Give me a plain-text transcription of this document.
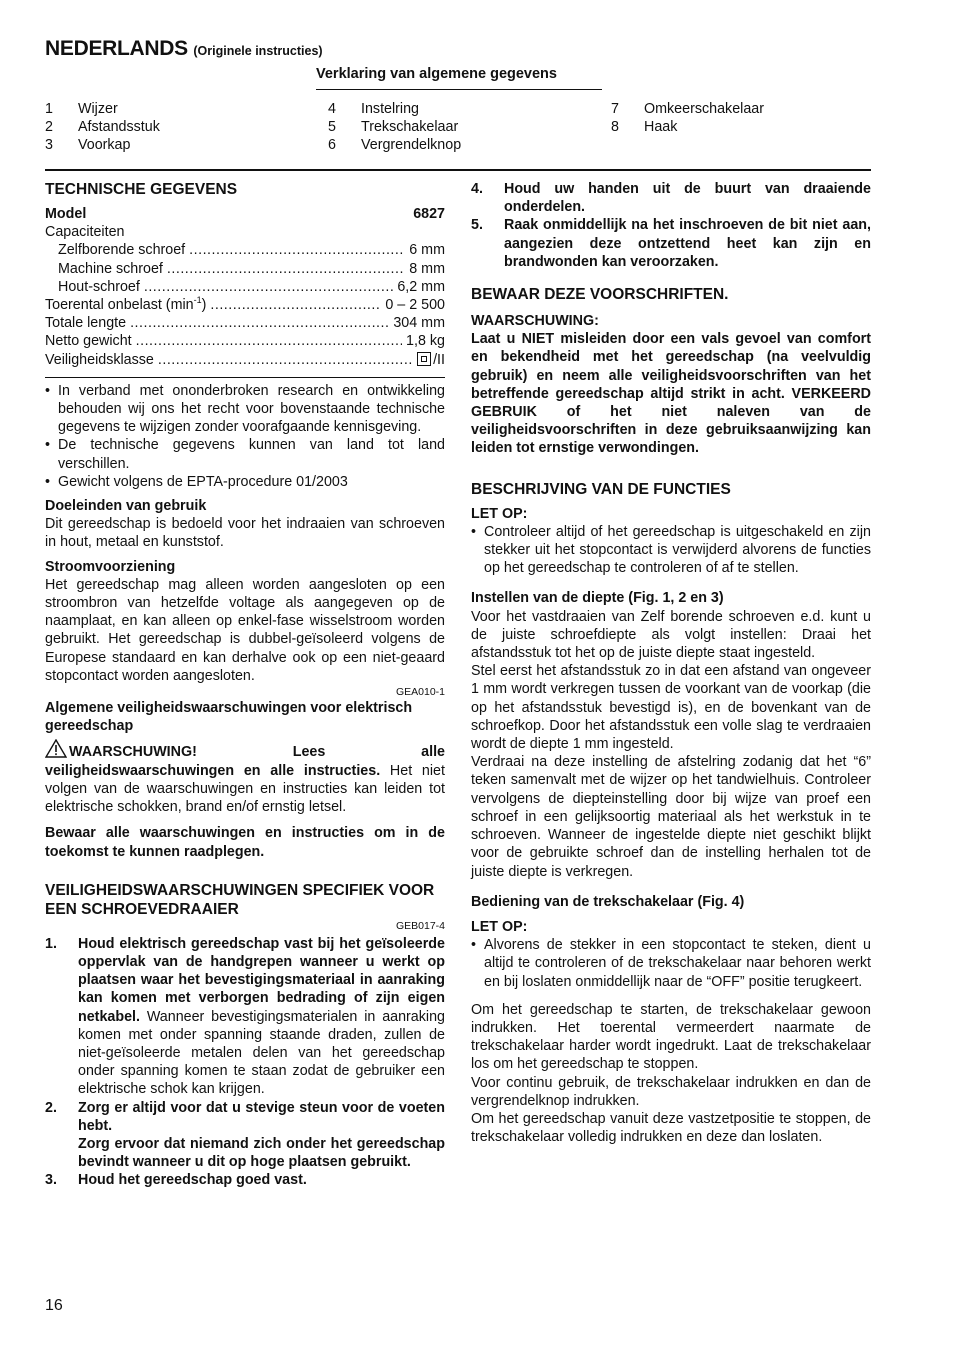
NEDERLANDS (Originele instructies)
Verklaring van algemene gegevens
1	Wijzer
2	Afstandsstuk
3	Voorkap
4	Instelring
5	Trekschakelaar
6	Vergrendelknop
7	Omkeerschakelaar
8	Haak
TECHNISCHE GEGEVENS
Model	6827
Capaciteiten
Zelfborende schroef .....	6 mm
Machine schroef .....	8 mm
Hout-schroef .....	6,2 mm
Toerental onbelast $(\min^{-1})$ .....	0 – 2 500
Totale lengte .....	304 mm
Netto gewicht .....	1,8 kg
Veiligheidsklasse .....	/II
• In verband met ononderbroken research en ontwikkeling behouden wij ons het recht voor bovenstaande technische gegevens te wijzigen zonder voorafgaande kennisgeving.
• De technische gegevens kunnen van land tot land verschillen.
• Gewicht volgens de EPTA-procedure 01/2003
Doeleinden van gebruik
Dit gereedschap is bedoeld voor het indraaien van schroeven in hout, metaal en kunststof.
Stroomvoorziening
Het gereedschap mag alleen worden aangesloten op een stroombron van hetzelfde voltage als aangegeven op de naamplaat, en kan alleen op enkel-fase wisselstroom worden gebruikt. Het gereedschap is dubbel-geïsoleerd volgens de Europese standaard en kan derhalve ook op een niet-geaard stopcontact worden aangesloten.
GEA010-1
Algemene veiligheidswaarschuwingen voor elektrisch gereedschap
WAARSCHUWING! Lees alle veiligheidswaarschuwingen en alle instructies. Het niet volgen van de waarschuwingen en instructies kan leiden tot elektrische schokken, brand en/of ernstig letsel.
Bewaar alle waarschuwingen en instructies om in de toekomst te kunnen raadplegen.
VEILIGHEIDSWAARSCHUWINGEN SPECIFIEK VOOR EEN SCHROEVEDRAAIER
GEB017-4
1.	Houd elektrisch gereedschap vast bij het geïsoleerde oppervlak van de handgrepen wanneer u werkt op plaatsen waar het bevestigingsmateriaal in aanraking kan komen met verborgen bedrading of zijn eigen netkabel. Wanneer bevestigingsmaterialen in aanraking komen met onder spanning staande draden, zullen de niet-geïsoleerde metalen delen van het gereedschap onder spanning komen te staan zodat de gebruiker een elektrische schok kan krijgen.
2.	Zorg er altijd voor dat u stevige steun voor de voeten hebt.
Zorg ervoor dat niemand zich onder het gereedschap bevindt wanneer u dit op hoge plaatsen gebruikt.
3.	Houd het gereedschap goed vast.
4.	Houd uw handen uit de buurt van draaiende onderdelen.
5.	Raak onmiddellijk na het inschroeven de bit niet aan, aangezien deze ontzettend heet kan zijn en brandwonden kan veroorzaken.
BEWAAR DEZE VOORSCHRIFTEN.
WAARSCHUWING:
Laat u NIET misleiden door een vals gevoel van comfort en bekendheid met het gereedschap (na veelvuldig gebruik) en neem alle veiligheidsvoorschriften van het betreffende gereedschap altijd strikt in acht. VERKEERD GEBRUIK of het niet naleven van de veiligheidsvoorschriften in deze gebruiksaanwijzing kan leiden tot ernstige verwondingen.
BESCHRIJVING VAN DE FUNCTIES
LET OP:
• Controleer altijd of het gereedschap is uitgeschakeld en zijn stekker uit het stopcontact is verwijderd alvorens de functies op het gereedschap te controleren of af te stellen.
Instellen van de diepte (Fig. 1, 2 en 3)
Voor het vastdraaien van Zelf borende schroeven e.d. kunt u de juiste schroefdiepte als volgt instellen: Draai het afstandsstuk tot het op de juiste diepte staat ingesteld.
Stel eerst het afstandsstuk zo in dat een afstand van ongeveer 1 mm wordt verkregen tussen de voorkant van de voorkap (die op het afstandsstuk bevestigd is), en de bovenkant van de schroefkop. Door het afstandsstuk een volle slag te verdraaien wordt de diepte 1 mm ingesteld.
Verdraai na deze instelling de afstelring zodanig dat het “6” teken samenvalt met de wijzer op het tandwielhuis. Controleer vervolgens de diepteinstelling door bij wijze van proef een schroef in een gelijksoortig materiaal als het werkstuk in te schroeven. Wanneer de ingestelde diepte niet geschikt blijkt voor de gebruikte schroef dan de instelling herhalen tot de juiste diepte is verkregen.
Bediening van de trekschakelaar (Fig. 4)
LET OP:
• Alvorens de stekker in een stopcontact te steken, dient u altijd te controleren of de trekschakelaar naar behoren werkt en bij loslaten onmiddellijk naar de “OFF” positie terugkeert.
Om het gereedschap te starten, de trekschakelaar gewoon indrukken. Het toerental vermeerdert naarmate de trekschakelaar harder wordt ingedrukt. Laat de trekschakelaar los om het gereedschap te stoppen.
Voor continu gebruik, de trekschakelaar indrukken en dan de vergrendelknop indrukken.
Om het gereedschap vanuit deze vastzetpositie te stoppen, de trekschakelaar volledig indrukken en deze dan loslaten.
16
